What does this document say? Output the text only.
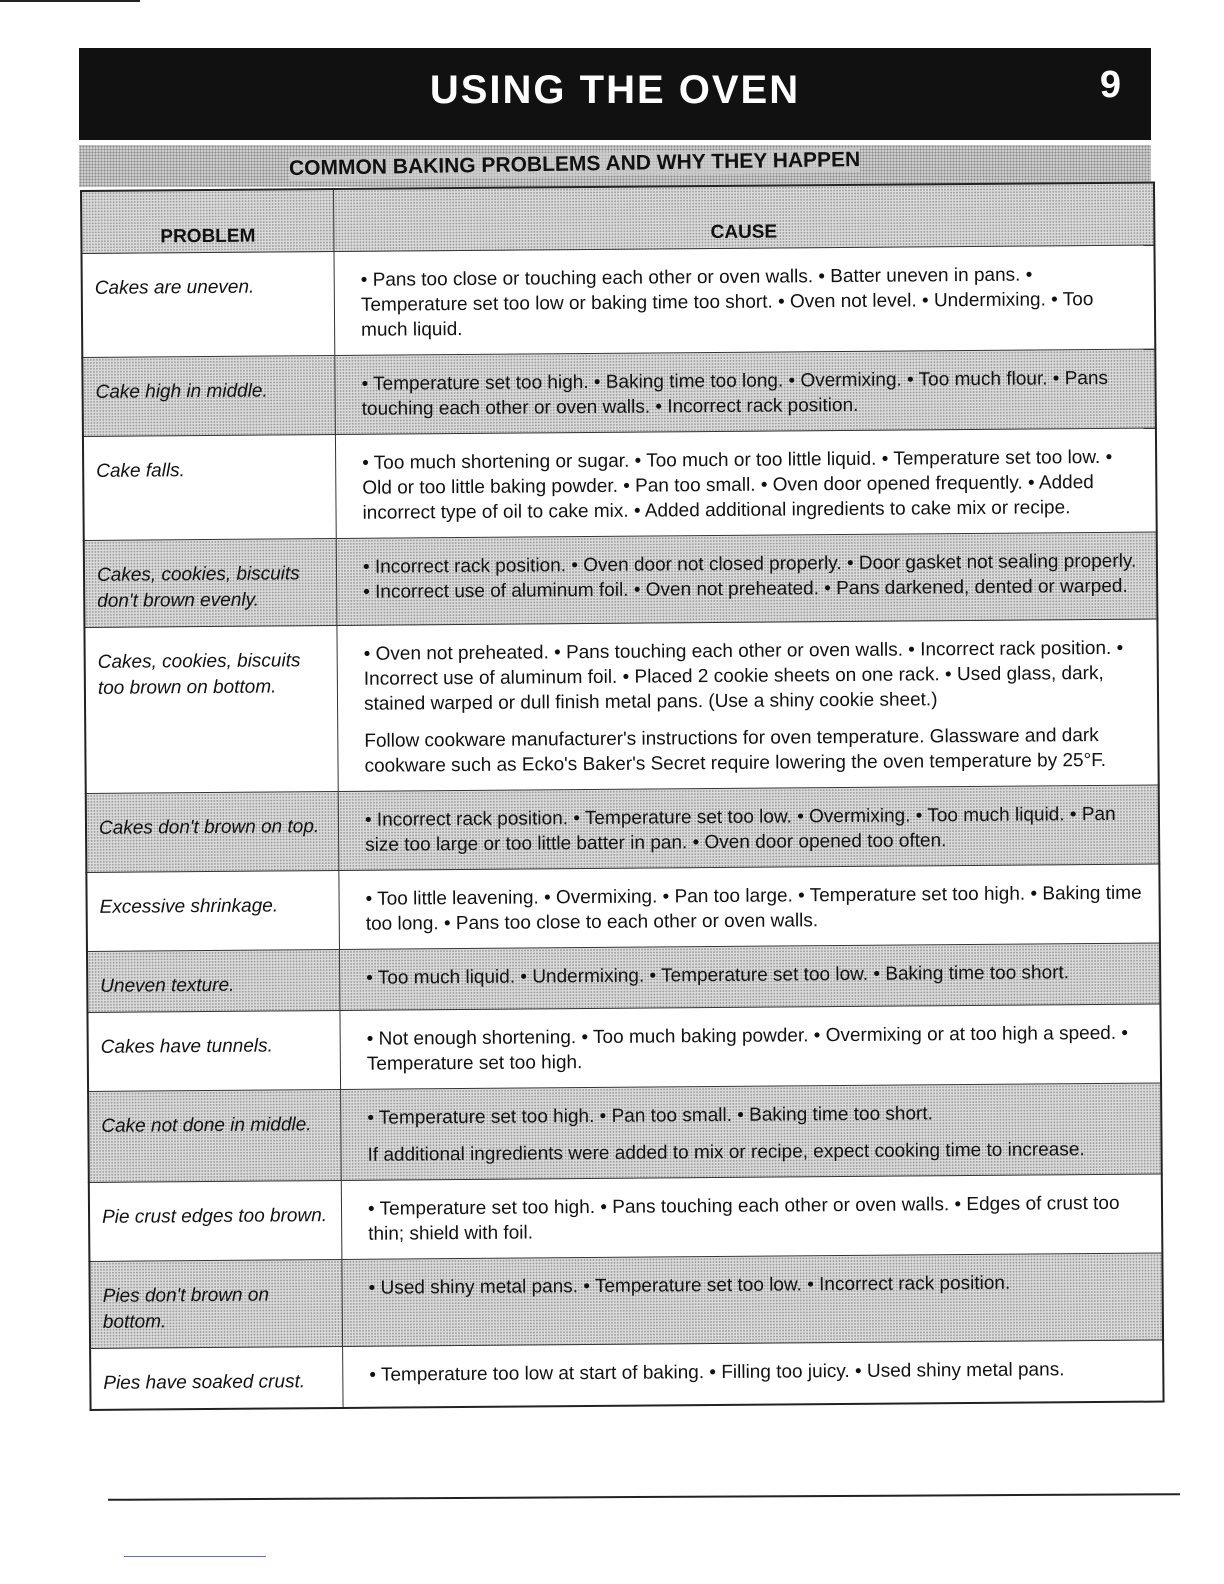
USING THE OVEN	9
COMMON BAKING PROBLEMS AND WHY THEY HAPPEN
PROBLEM	CAUSE
Cakes are uneven.	• Pans too close or touching each other or oven walls. • Batter uneven in pans. • Temperature set too low or baking time too short. • Oven not level. • Undermixing. • Too much liquid.

Cake high in middle.	• Temperature set too high. • Baking time too long. • Overmixing. • Too much flour. • Pans touching each other or oven walls. • Incorrect rack position.

Cake falls.	• Too much shortening or sugar. • Too much or too little liquid. • Temperature set too low. • Old or too little baking powder. • Pan too small. • Oven door opened frequently. • Added incorrect type of oil to cake mix. • Added additional ingredients to cake mix or recipe.

Cakes, cookies, biscuits don't brown evenly.	• Incorrect rack position. • Oven door not closed properly. • Door gasket not sealing properly. • Incorrect use of aluminum foil. • Oven not preheated. • Pans darkened, dented or warped.

Cakes, cookies, biscuits too brown on bottom.	• Oven not preheated. • Pans touching each other or oven walls. • Incorrect rack position. • Incorrect use of aluminum foil. • Placed 2 cookie sheets on one rack. • Used glass, dark, stained warped or dull finish metal pans. (Use a shiny cookie sheet.)

Follow cookware manufacturer's instructions for oven temperature. Glassware and dark cookware such as Ecko's Baker's Secret require lowering the oven temperature by 25°F.

Cakes don't brown on top.	• Incorrect rack position. • Temperature set too low. • Overmixing. • Too much liquid. • Pan size too large or too little batter in pan. • Oven door opened too often.

Excessive shrinkage.	• Too little leavening. • Overmixing. • Pan too large. • Temperature set too high. • Baking time too long. • Pans too close to each other or oven walls.

Uneven texture.	• Too much liquid. • Undermixing. • Temperature set too low. • Baking time too short.

Cakes have tunnels.	• Not enough shortening. • Too much baking powder. • Overmixing or at too high a speed. • Temperature set too high.

Cake not done in middle.	• Temperature set too high. • Pan too small. • Baking time too short.

If additional ingredients were added to mix or recipe, expect cooking time to increase.

Pie crust edges too brown.	• Temperature set too high. • Pans touching each other or oven walls. • Edges of crust too thin; shield with foil.

Pies don't brown on bottom.	• Used shiny metal pans. • Temperature set too low. • Incorrect rack position.

Pies have soaked crust.	• Temperature too low at start of baking. • Filling too juicy. • Used shiny metal pans.
